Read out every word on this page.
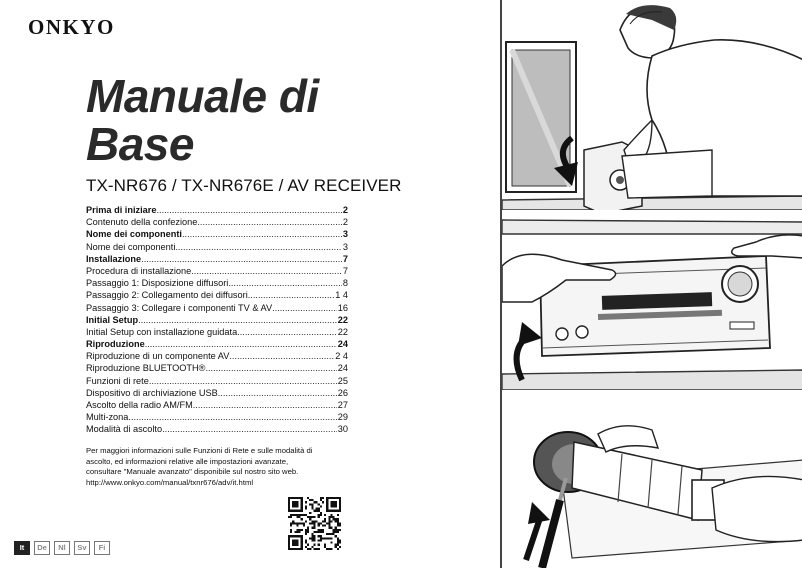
ONKYO
Manuale di
Base
TX-NR676 / TX-NR676E / AV RECEIVER
Prima di iniziare .....	2
Contenuto della confezione .....	2
Nome dei componenti .....	3
Nome dei componenti .....	3
Installazione .....	7
Procedura di installazione .....	7
Passaggio 1: Disposizione diffusori .....	8
Passaggio 2: Collegamento dei diffusori .....	1 4
Passaggio 3: Collegare i componenti TV & AV .....	16
Initial Setup .....	22
Initial Setup con installazione guidata .....	22
Riproduzione .....	24
Riproduzione di un componente AV .....	2 4
Riproduzione BLUETOOTH® .....	24
Funzioni di rete .....	25
Dispositivo di archiviazione USB .....	26
Ascolto della radio AM/FM .....	27
Multi-zona .....	29
Modalità di ascolto .....	30
Per maggiori informazioni sulle Funzioni di Rete e sulle modalità di
ascolto, ed informazioni relative alle impostazioni avanzate,
consultare "Manuale avanzato" disponibile sul nostro sito web.
http://www.onkyo.com/manual/txnr676/adv/it.html
It	De	Nl	Sv	Fi
